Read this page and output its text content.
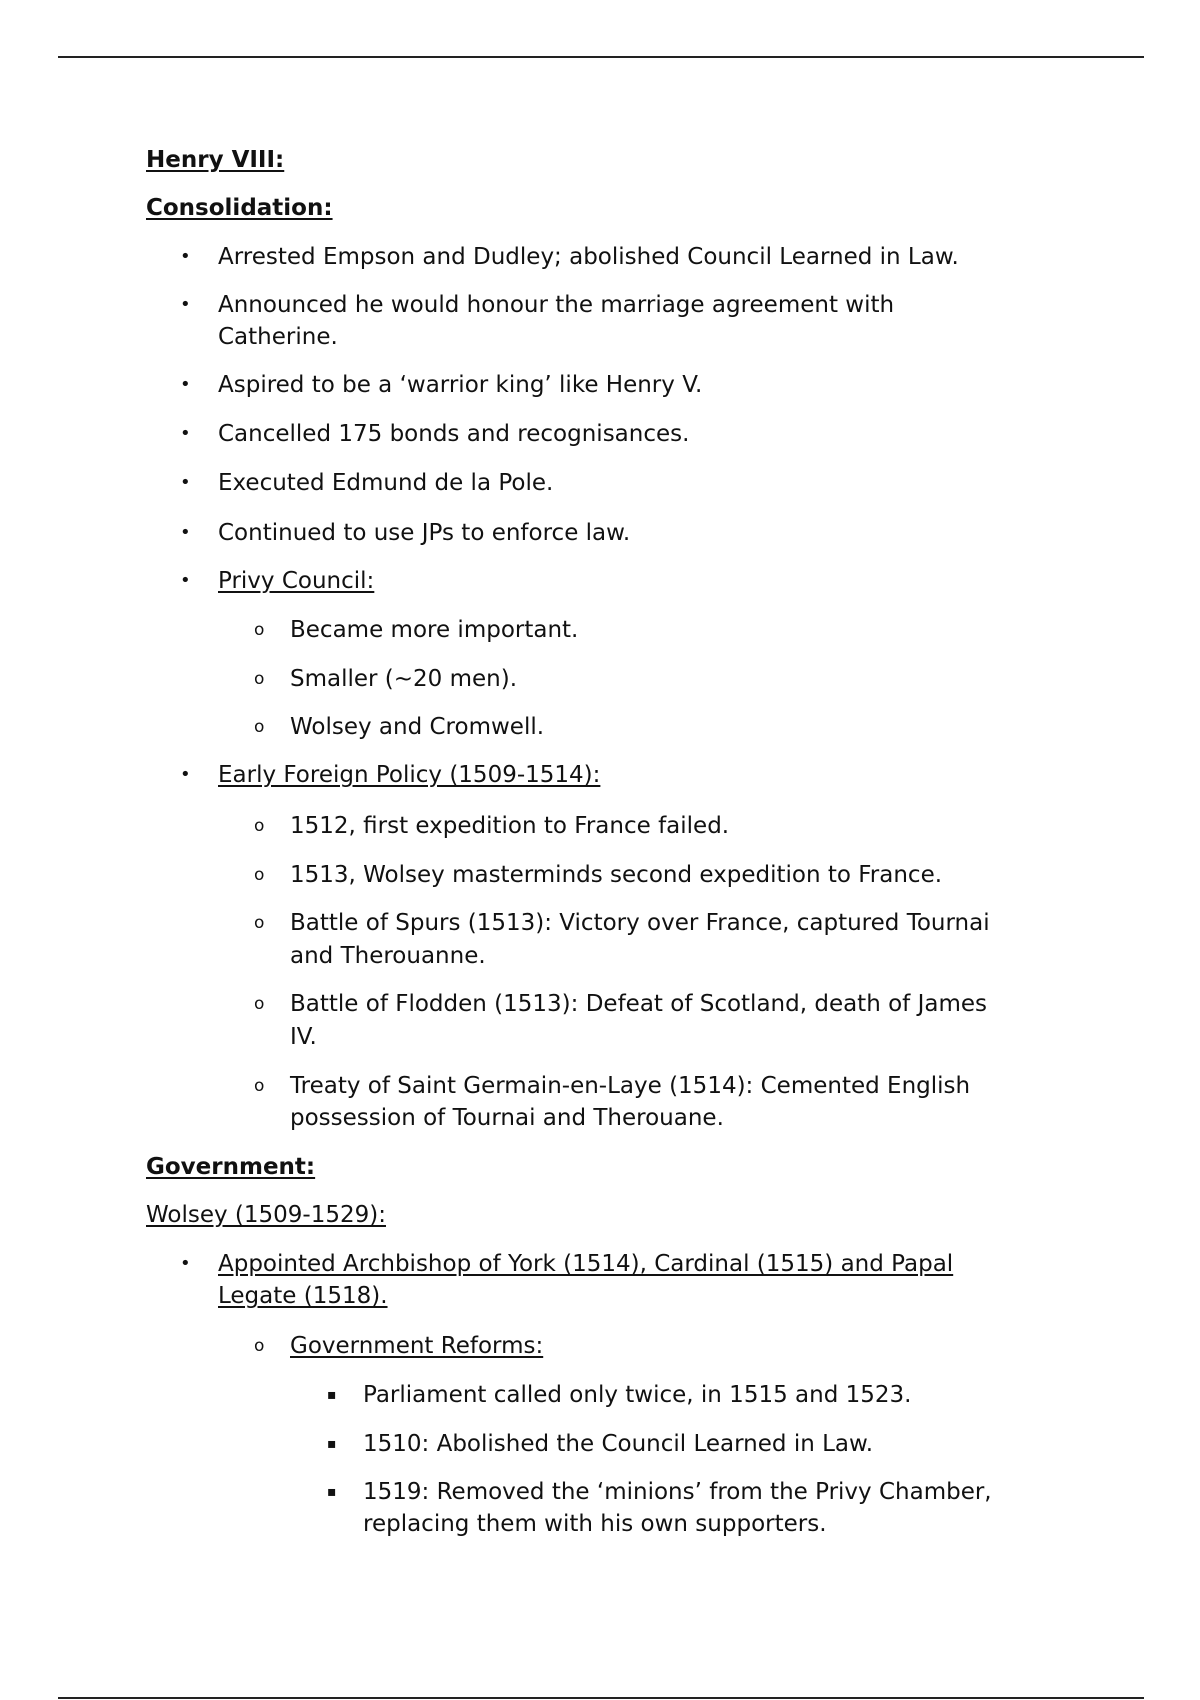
Henry VIII:
Consolidation:
• Arrested Empson and Dudley; abolished Council Learned in Law.
• Announced he would honour the marriage agreement with
Catherine.
• Aspired to be a ‘warrior king’ like Henry V.
• Cancelled 175 bonds and recognisances.
• Executed Edmund de la Pole.
• Continued to use JPs to enforce law.
• Privy Council:
o Became more important.
o Smaller (~20 men).
o Wolsey and Cromwell.
• Early Foreign Policy (1509-1514):
o 1512, first expedition to France failed.
o 1513, Wolsey masterminds second expedition to France.
o Battle of Spurs (1513): Victory over France, captured Tournai
and Therouanne.
o Battle of Flodden (1513): Defeat of Scotland, death of James
IV.
o Treaty of Saint Germain-en-Laye (1514): Cemented English
possession of Tournai and Therouane.
Government:
Wolsey (1509-1529):
• Appointed Archbishop of York (1514), Cardinal (1515) and Papal
Legate (1518).
o Government Reforms:
▪ Parliament called only twice, in 1515 and 1523.
▪ 1510: Abolished the Council Learned in Law.
▪ 1519: Removed the ‘minions’ from the Privy Chamber,
replacing them with his own supporters.
